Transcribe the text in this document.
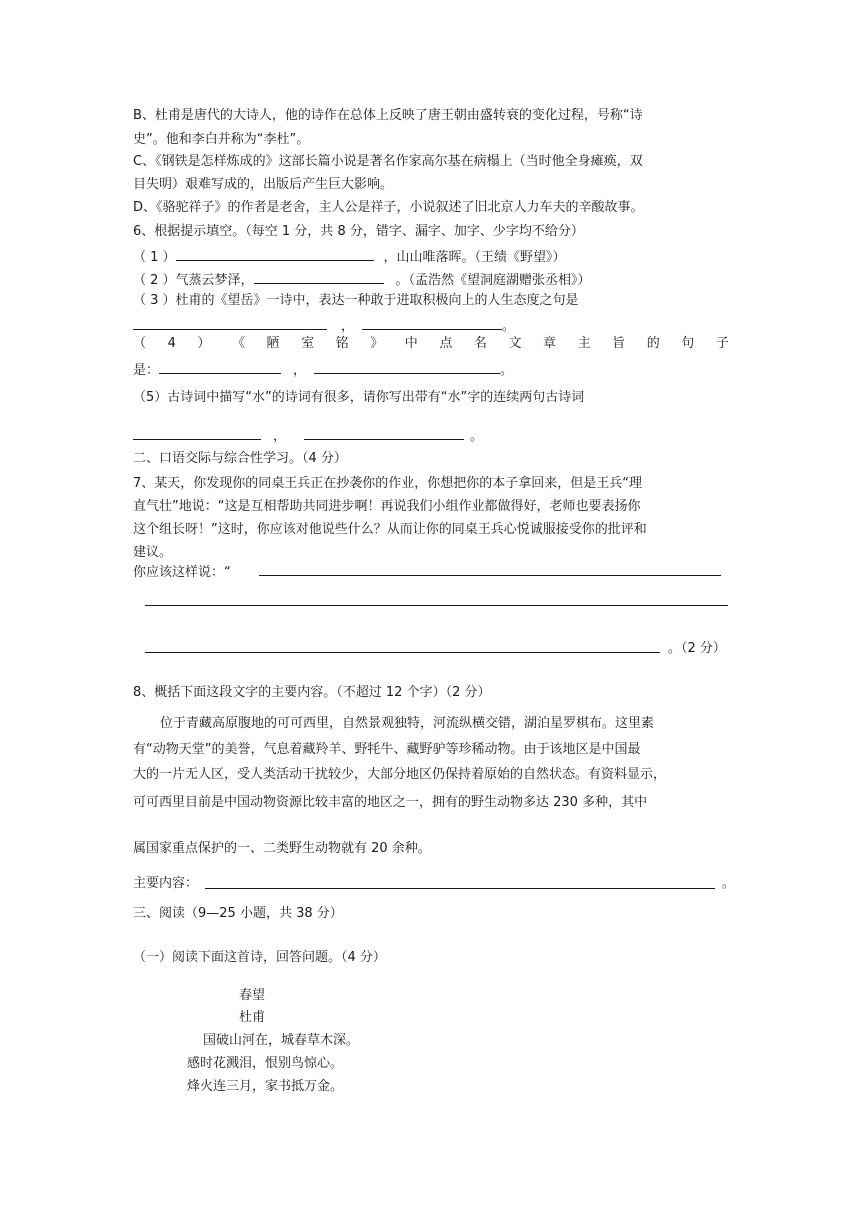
B、杜甫是唐代的大诗人，他的诗作在总体上反映了唐王朝由盛转衰的变化过程，号称“诗
史”。他和李白并称为“李杜”。
C、《钢铁是怎样炼成的》这部长篇小说是著名作家高尔基在病榻上（当时他全身瘫痪，双
目失明）艰难写成的，出版后产生巨大影响。
D、《骆驼祥子》的作者是老舍，主人公是祥子，小说叙述了旧北京人力车夫的辛酸故事。
6、根据提示填空。（每空 1 分，共 8 分，错字、漏字、加字、少字均不给分）
（ 1 ）	，山山唯落晖。（王绩《野望》）
（ 2 ）气蒸云梦泽，	。（孟浩然《望洞庭湖赠张丞相》）
（ 3 ）杜甫的《望岳》一诗中，表达一种敢于进取积极向上的人生态度之句是
，	。
（ 4 ） 《 陋 室 铭 》 中 点 名 文 章 主 旨 的 句 子
是：	，	。
（5）古诗词中描写“水”的诗词有很多，请你写出带有“水”字的连续两句古诗词
，	。
二、口语交际与综合性学习。（4 分）
7、某天，你发现你的同桌王兵正在抄袭你的作业，你想把你的本子拿回来，但是王兵“理
直气壮”地说：“这是互相帮助共同进步啊！再说我们小组作业都做得好，老师也要表扬你
这个组长呀！”这时，你应该对他说些什么？从而让你的同桌王兵心悦诚服接受你的批评和
建议。
你应该这样说：“
。（2 分）
8、概括下面这段文字的主要内容。（不超过 12 个字）（2 分）
位于青藏高原腹地的可可西里，自然景观独特，河流纵横交错，湖泊星罗棋布。这里素
有“动物天堂”的美誉，气息着藏羚羊、野牦牛、藏野驴等珍稀动物。由于该地区是中国最
大的一片无人区，受人类活动干扰较少，大部分地区仍保持着原始的自然状态。有资料显示，
可可西里目前是中国动物资源比较丰富的地区之一，拥有的野生动物多达 230 多种，其中
属国家重点保护的一、二类野生动物就有 20 余种。
主要内容：	。
三、阅读（9—25 小题，共 38 分）
（一）阅读下面这首诗，回答问题。（4 分）
春望
杜甫
国破山河在，城春草木深。
感时花溅泪，恨别鸟惊心。
烽火连三月，家书抵万金。
